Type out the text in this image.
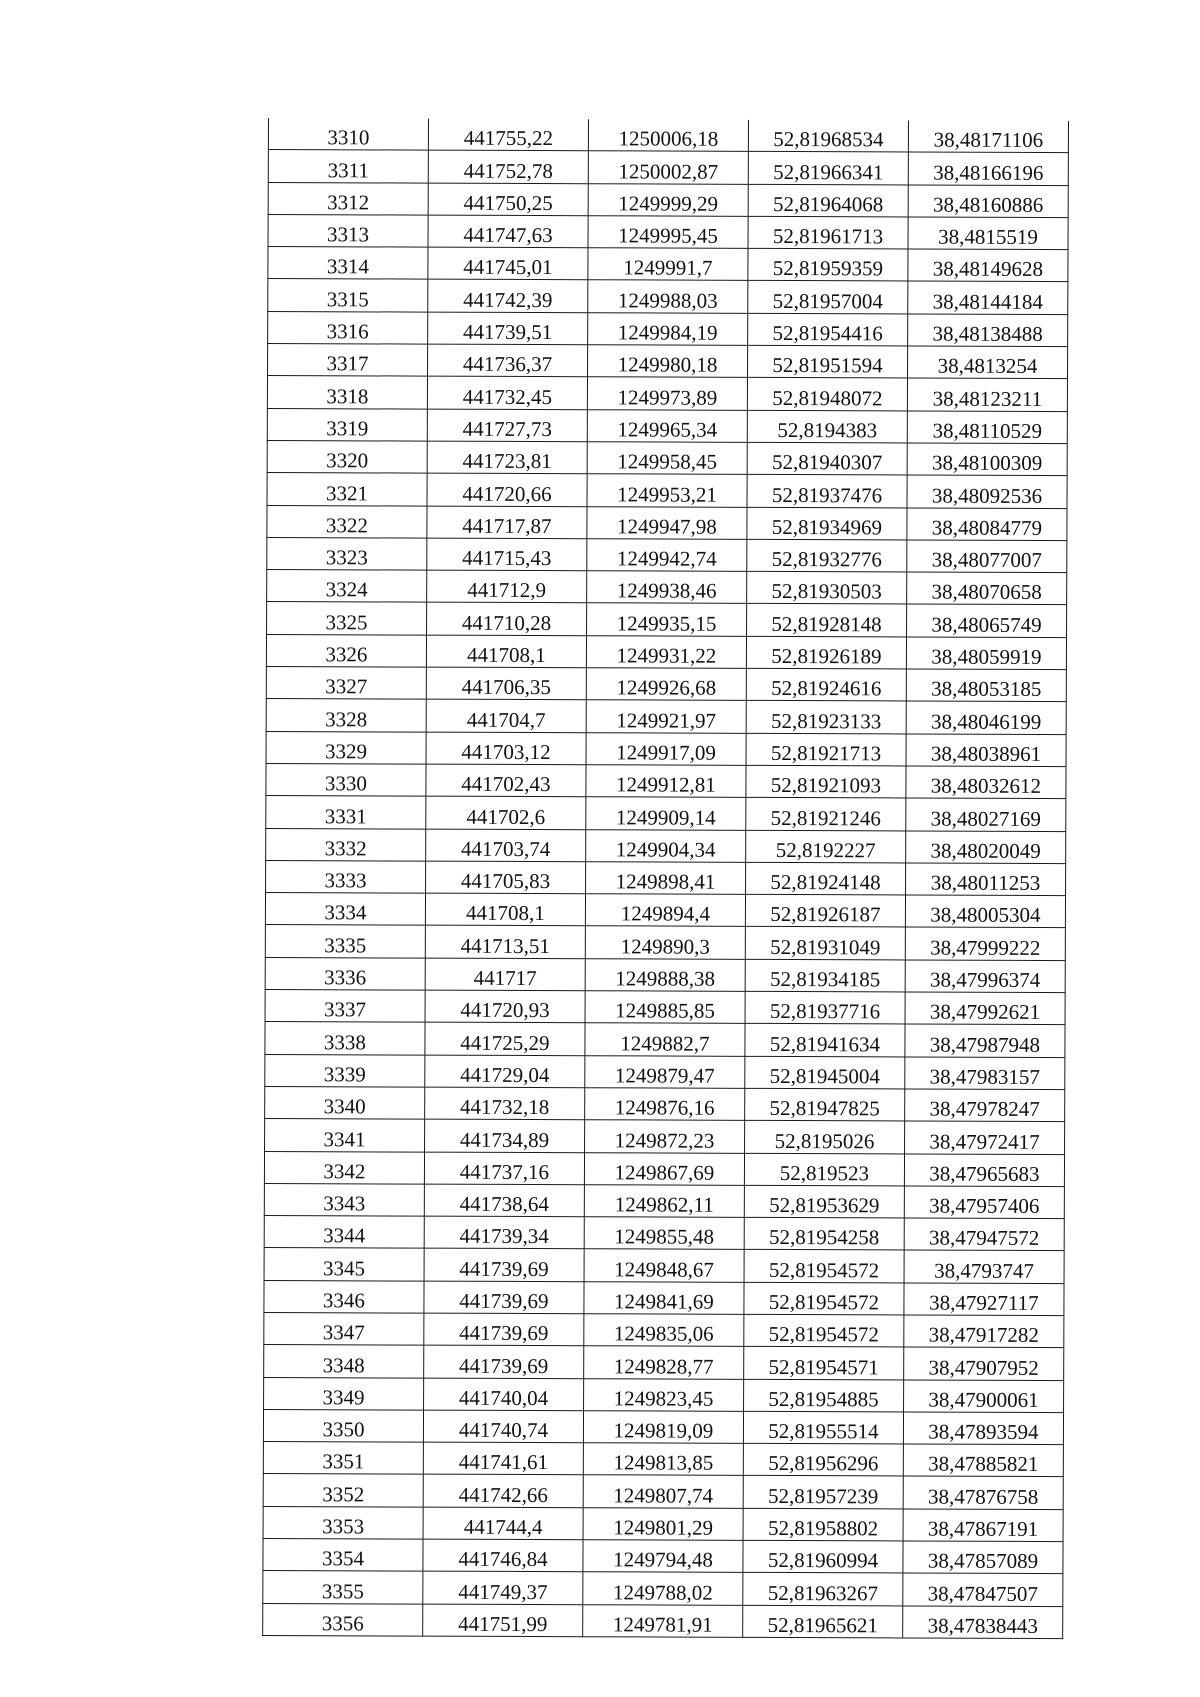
3310	441755,22	1250006,18	52,81968534	38,48171106
3311	441752,78	1250002,87	52,81966341	38,48166196
3312	441750,25	1249999,29	52,81964068	38,48160886
3313	441747,63	1249995,45	52,81961713	38,4815519
3314	441745,01	1249991,7	52,81959359	38,48149628
3315	441742,39	1249988,03	52,81957004	38,48144184
3316	441739,51	1249984,19	52,81954416	38,48138488
3317	441736,37	1249980,18	52,81951594	38,4813254
3318	441732,45	1249973,89	52,81948072	38,48123211
3319	441727,73	1249965,34	52,8194383	38,48110529
3320	441723,81	1249958,45	52,81940307	38,48100309
3321	441720,66	1249953,21	52,81937476	38,48092536
3322	441717,87	1249947,98	52,81934969	38,48084779
3323	441715,43	1249942,74	52,81932776	38,48077007
3324	441712,9	1249938,46	52,81930503	38,48070658
3325	441710,28	1249935,15	52,81928148	38,48065749
3326	441708,1	1249931,22	52,81926189	38,48059919
3327	441706,35	1249926,68	52,81924616	38,48053185
3328	441704,7	1249921,97	52,81923133	38,48046199
3329	441703,12	1249917,09	52,81921713	38,48038961
3330	441702,43	1249912,81	52,81921093	38,48032612
3331	441702,6	1249909,14	52,81921246	38,48027169
3332	441703,74	1249904,34	52,8192227	38,48020049
3333	441705,83	1249898,41	52,81924148	38,48011253
3334	441708,1	1249894,4	52,81926187	38,48005304
3335	441713,51	1249890,3	52,81931049	38,47999222
3336	441717	1249888,38	52,81934185	38,47996374
3337	441720,93	1249885,85	52,81937716	38,47992621
3338	441725,29	1249882,7	52,81941634	38,47987948
3339	441729,04	1249879,47	52,81945004	38,47983157
3340	441732,18	1249876,16	52,81947825	38,47978247
3341	441734,89	1249872,23	52,8195026	38,47972417
3342	441737,16	1249867,69	52,819523	38,47965683
3343	441738,64	1249862,11	52,81953629	38,47957406
3344	441739,34	1249855,48	52,81954258	38,47947572
3345	441739,69	1249848,67	52,81954572	38,4793747
3346	441739,69	1249841,69	52,81954572	38,47927117
3347	441739,69	1249835,06	52,81954572	38,47917282
3348	441739,69	1249828,77	52,81954571	38,47907952
3349	441740,04	1249823,45	52,81954885	38,47900061
3350	441740,74	1249819,09	52,81955514	38,47893594
3351	441741,61	1249813,85	52,81956296	38,47885821
3352	441742,66	1249807,74	52,81957239	38,47876758
3353	441744,4	1249801,29	52,81958802	38,47867191
3354	441746,84	1249794,48	52,81960994	38,47857089
3355	441749,37	1249788,02	52,81963267	38,47847507
3356	441751,99	1249781,91	52,81965621	38,47838443
